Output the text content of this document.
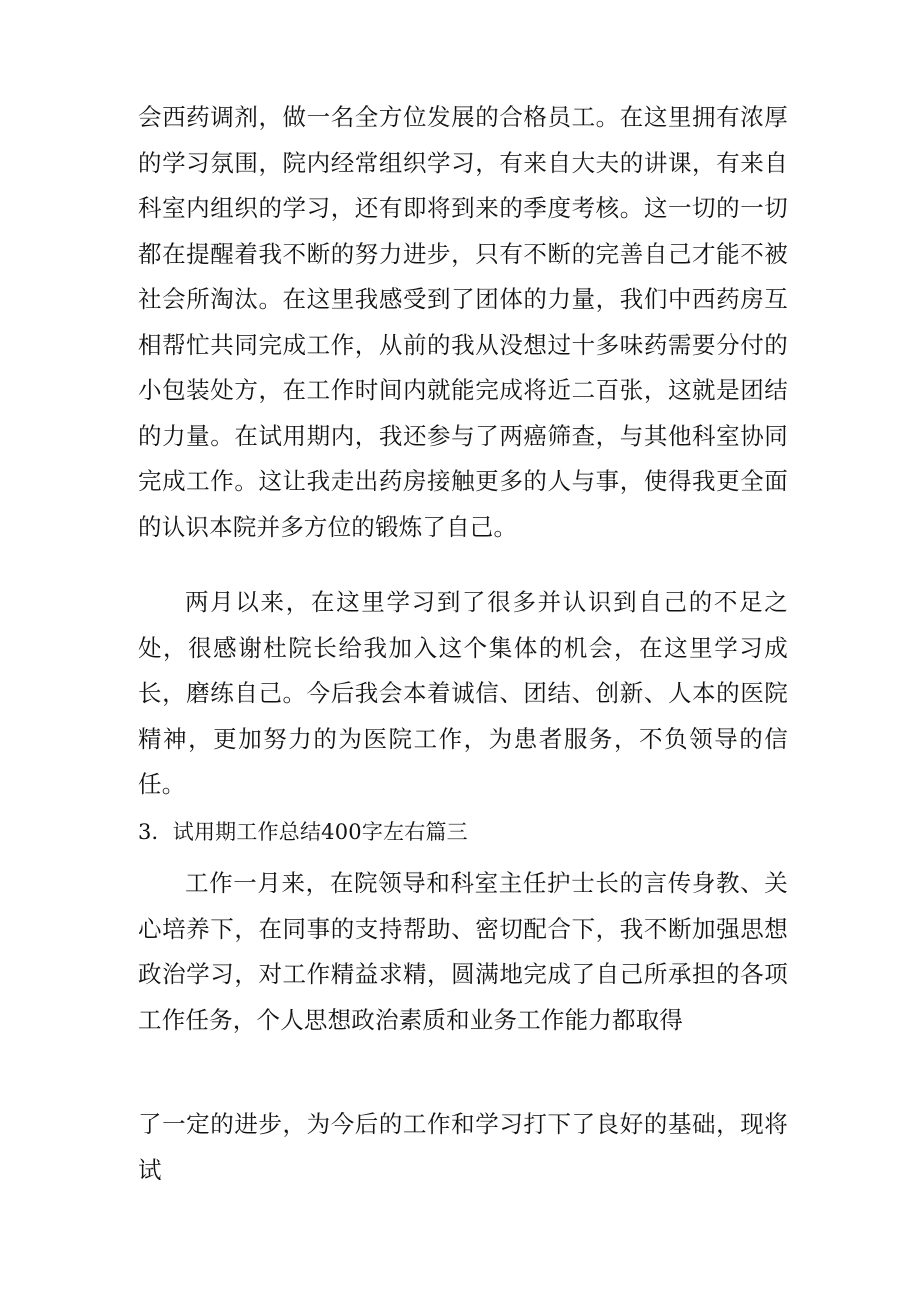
会西药调剂，做一名全方位发展的合格员工。在这里拥有浓厚的学习氛围，院内经常组织学习，有来自大夫的讲课，有来自科室内组织的学习，还有即将到来的季度考核。这一切的一切都在提醒着我不断的努力进步，只有不断的完善自己才能不被社会所淘汰。在这里我感受到了团体的力量，我们中西药房互相帮忙共同完成工作，从前的我从没想过十多味药需要分付的小包装处方，在工作时间内就能完成将近二百张，这就是团结的力量。在试用期内，我还参与了两癌筛查，与其他科室协同完成工作。这让我走出药房接触更多的人与事，使得我更全面的认识本院并多方位的锻炼了自己。

两月以来，在这里学习到了很多并认识到自己的不足之处，很感谢杜院长给我加入这个集体的机会，在这里学习成长，磨练自己。今后我会本着诚信、团结、创新、人本的医院精神，更加努力的为医院工作，为患者服务，不负领导的信任。

3．试用期工作总结400字左右篇三

工作一月来，在院领导和科室主任护士长的言传身教、关心培养下，在同事的支持帮助、密切配合下，我不断加强思想政治学习，对工作精益求精，圆满地完成了自己所承担的各项工作任务，个人思想政治素质和业务工作能力都取得

了一定的进步，为今后的工作和学习打下了良好的基础，现将试
